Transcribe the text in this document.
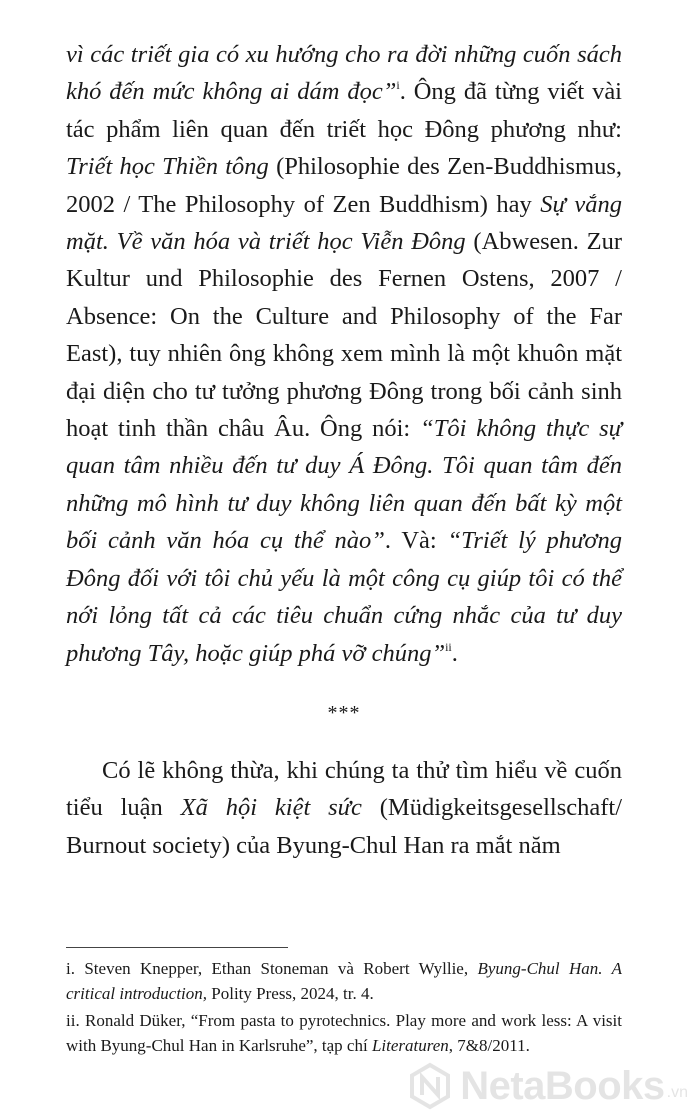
vì các triết gia có xu hướng cho ra đời những cuốn sách khó đến mức không ai dám đọc”$^i$. Ông đã từng viết vài tác phẩm liên quan đến triết học Đông phương như: Triết học Thiền tông (Philosophie des Zen-Buddhismus, 2002 / The Philosophy of Zen Buddhism) hay Sự vắng mặt. Về văn hóa và triết học Viễn Đông (Abwesen. Zur Kultur und Philosophie des Fernen Ostens, 2007 / Absence: On the Culture and Philosophy of the Far East), tuy nhiên ông không xem mình là một khuôn mặt đại diện cho tư tưởng phương Đông trong bối cảnh sinh hoạt tinh thần châu Âu. Ông nói: “Tôi không thực sự quan tâm nhiều đến tư duy Á Đông. Tôi quan tâm đến những mô hình tư duy không liên quan đến bất kỳ một bối cảnh văn hóa cụ thể nào”. Và: “Triết lý phương Đông đối với tôi chủ yếu là một công cụ giúp tôi có thể nới lỏng tất cả các tiêu chuẩn cứng nhắc của tư duy phương Tây, hoặc giúp phá vỡ chúng”$^{ii}$.

***

Có lẽ không thừa, khi chúng ta thử tìm hiểu về cuốn tiểu luận Xã hội kiệt sức (Müdigkeitsgesellschaft/ Burnout society) của Byung-Chul Han ra mắt năm

i. Steven Knepper, Ethan Stoneman và Robert Wyllie, Byung-Chul Han. A critical introduction, Polity Press, 2024, tr. 4.

ii. Ronald Düker, “From pasta to pyrotechnics. Play more and work less: A visit with Byung-Chul Han in Karlsruhe”, tạp chí Literaturen, 7&8/2011.

NetaBooks .vn
